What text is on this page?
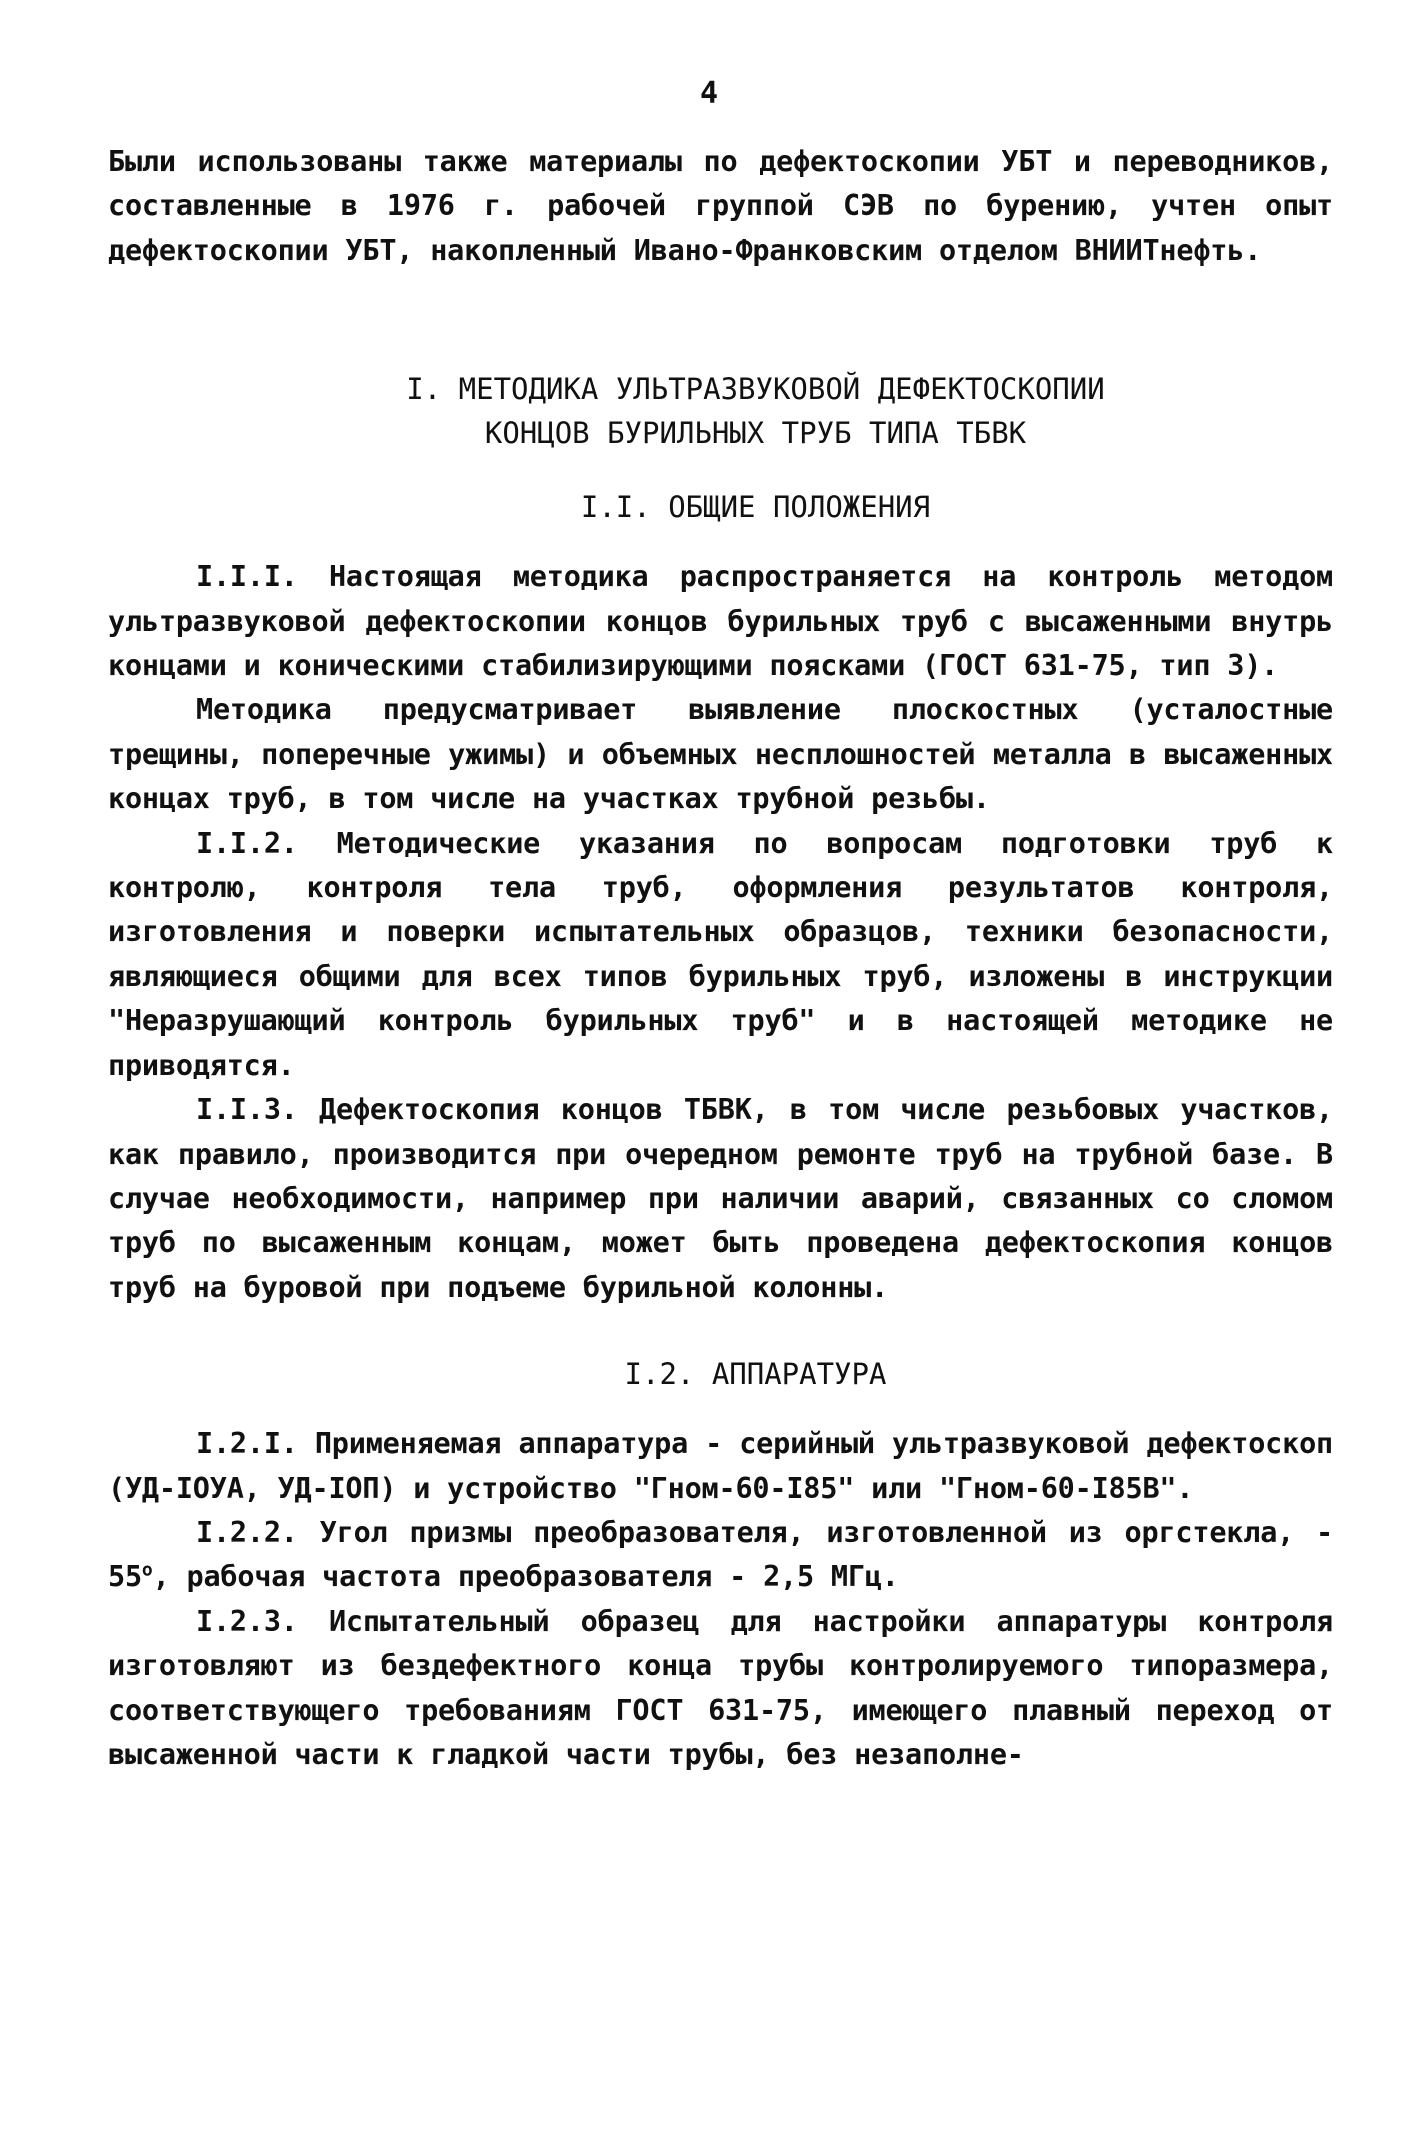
4

Были использованы также материалы по дефектоскопии УБТ и переводников, составленные в 1976 г. рабочей группой СЭВ по бурению, учтен опыт дефектоскопии УБТ, накопленный Ивано-Франковским отделом ВНИИТнефть.

I. МЕТОДИКА УЛЬТРАЗВУКОВОЙ ДЕФЕКТОСКОПИИ
КОНЦОВ БУРИЛЬНЫХ ТРУБ ТИПА ТБВК
I.I. ОБЩИЕ ПОЛОЖЕНИЯ

I.I.I. Настоящая методика распространяется на контроль методом ультразвуковой дефектоскопии концов бурильных труб с высаженными внутрь концами и коническими стабилизирующими поясками (ГОСТ 631-75, тип 3).

Методика предусматривает выявление плоскостных (усталостные трещины, поперечные ужимы) и объемных несплошностей металла в высаженных концах труб, в том числе на участках трубной резьбы.

I.I.2. Методические указания по вопросам подготовки труб к контролю, контроля тела труб, оформления результатов контроля, изготовления и поверки испытательных образцов, техники безопасности, являющиеся общими для всех типов бурильных труб, изложены в инструкции "Неразрушающий контроль бурильных труб" и в настоящей методике не приводятся.

I.I.3. Дефектоскопия концов ТБВК, в том числе резьбовых участков, как правило, производится при очередном ремонте труб на трубной базе. В случае необходимости, например при наличии аварий, связанных со сломом труб по высаженным концам, может быть проведена дефектоскопия концов труб на буровой при подъеме бурильной колонны.

I.2. АППАРАТУРА

I.2.I. Применяемая аппаратура - серийный ультразвуковой дефектоскоп (УД-IОУА, УД-IОП) и устройство "Гном-60-I85" или "Гном-60-I85В".

I.2.2. Угол призмы преобразователя, изготовленной из оргстекла, - $55^о$, рабочая частота преобразователя - 2,5 МГц.

I.2.3. Испытательный образец для настройки аппаратуры контроля изготовляют из бездефектного конца трубы контролируемого типоразмера, соответствующего требованиям ГОСТ 631-75, имеющего плавный переход от высаженной части к гладкой части трубы, без незаполне-
